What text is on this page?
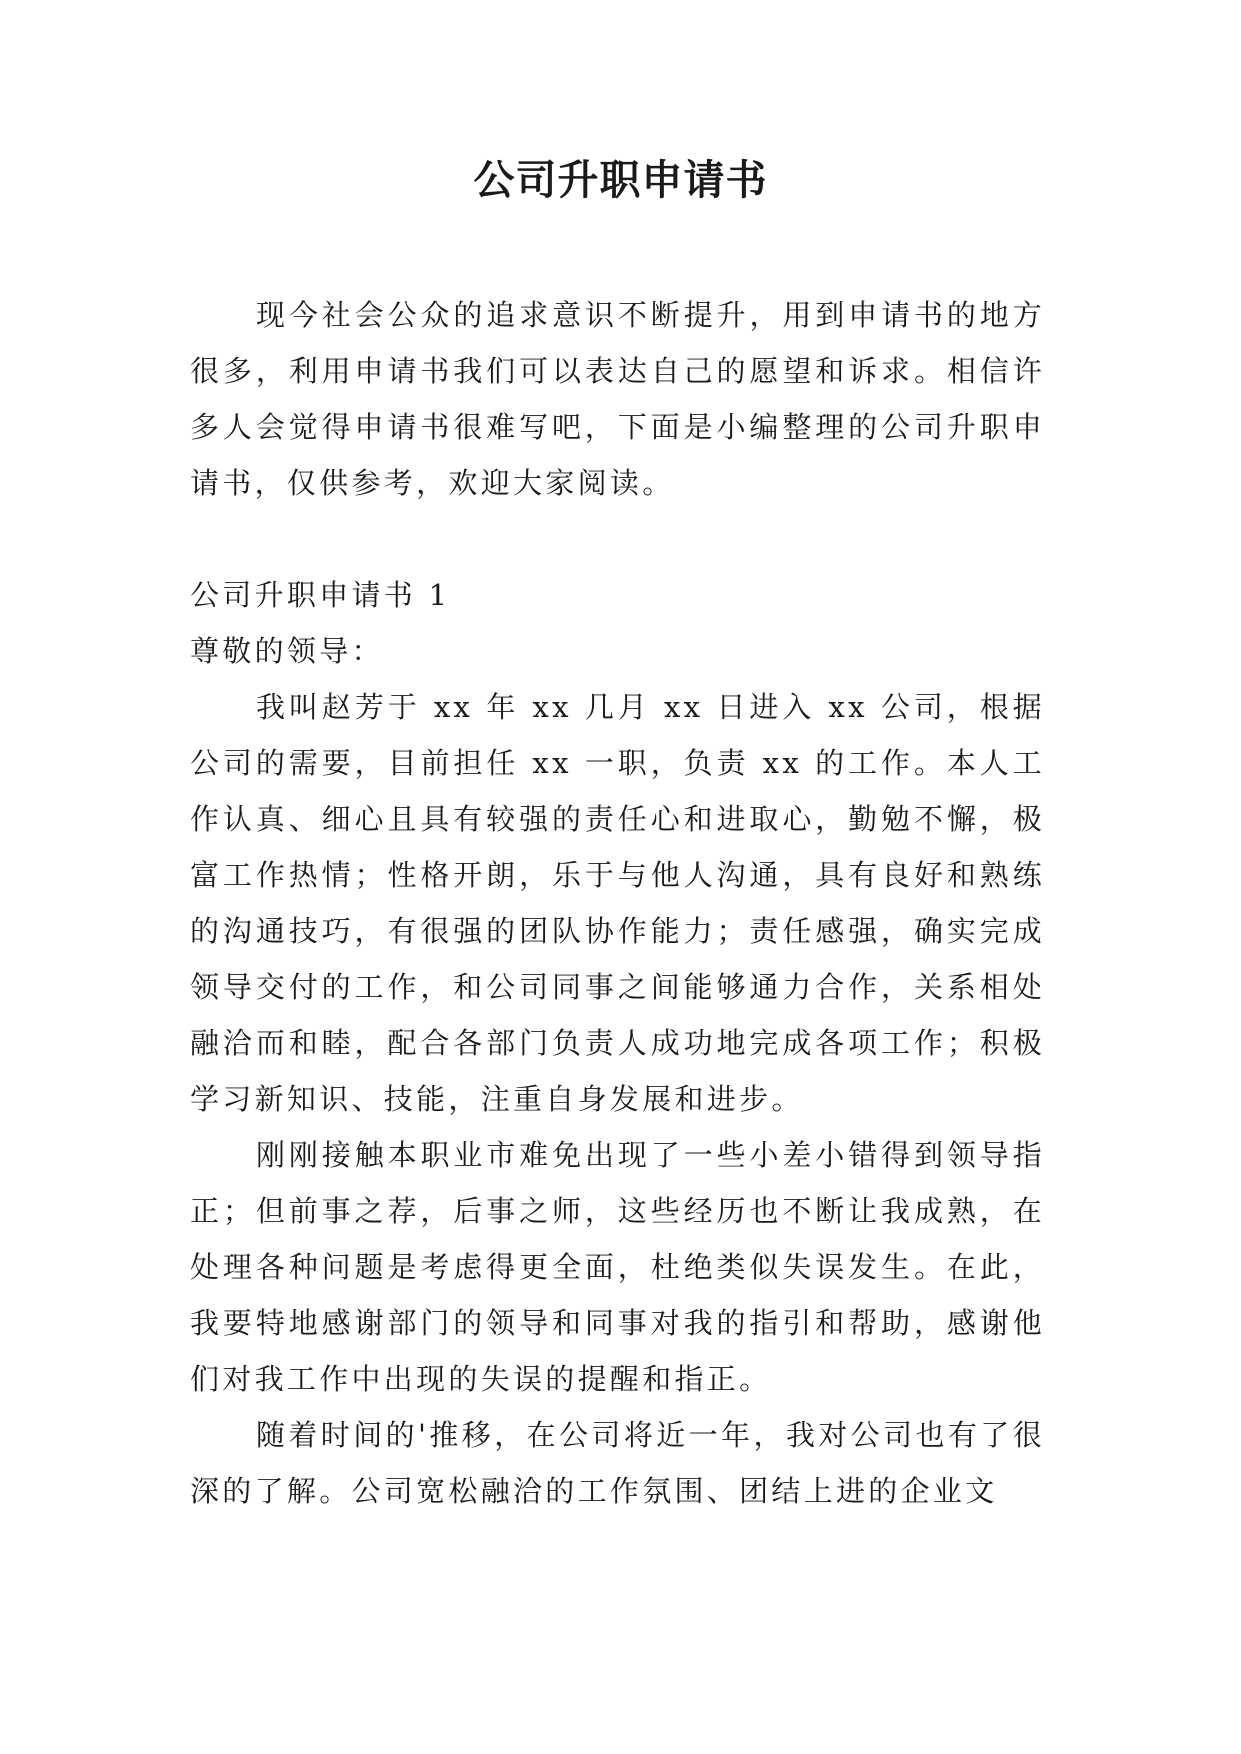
公司升职申请书

现今社会公众的追求意识不断提升，用到申请书的地方很多，利用申请书我们可以表达自己的愿望和诉求。相信许多人会觉得申请书很难写吧，下面是小编整理的公司升职申请书，仅供参考，欢迎大家阅读。

公司升职申请书 1

尊敬的领导：

我叫赵芳于 xx 年 xx 几月 xx 日进入 xx 公司，根据公司的需要，目前担任 xx 一职，负责 xx 的工作。本人工作认真、细心且具有较强的责任心和进取心，勤勉不懈，极富工作热情；性格开朗，乐于与他人沟通，具有良好和熟练的沟通技巧，有很强的团队协作能力；责任感强，确实完成领导交付的工作，和公司同事之间能够通力合作，关系相处融洽而和睦，配合各部门负责人成功地完成各项工作；积极学习新知识、技能，注重自身发展和进步。

刚刚接触本职业市难免出现了一些小差小错得到领导指正；但前事之荐，后事之师，这些经历也不断让我成熟，在处理各种问题是考虑得更全面，杜绝类似失误发生。在此，我要特地感谢部门的领导和同事对我的指引和帮助，感谢他们对我工作中出现的失误的提醒和指正。

随着时间的'推移，在公司将近一年，我对公司也有了很深的了解。公司宽松融洽的工作氛围、团结上进的企业文
